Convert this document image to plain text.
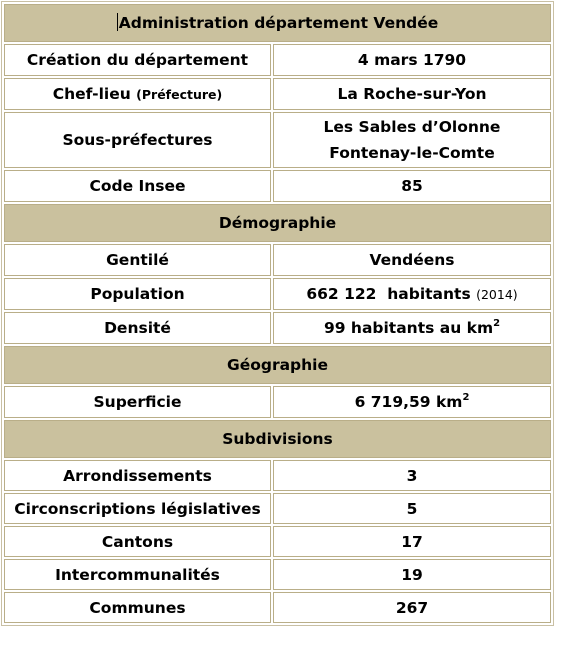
Administration département Vendée	
Création du département	4 mars 1790
Chef-lieu (Préfecture)	La Roche-sur-Yon
Sous-préfectures	Les Sables d’Olonne
Fontenay-le-Comte

Code Insee	85
Démographie	
Gentilé	Vendéens
Population	662 122  habitants (2014)
Densité	99 habitants au $km^2$
Géographie	
Superficie	6 719,59 $km^2$
Subdivisions	
Arrondissements	3
Circonscriptions législatives	5
Cantons	17
Intercommunalités	19
Communes	267
